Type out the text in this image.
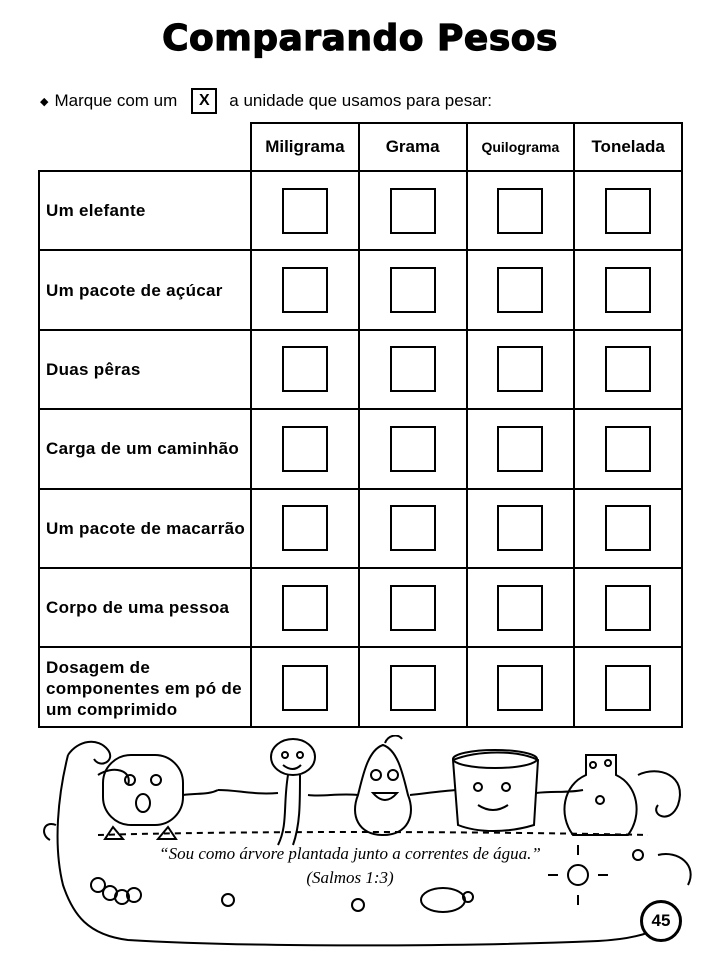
Comparando Pesos
◆ Marque com um	X	a unidade que usamos para pesar:
Miligrama	Grama	Quilograma	Tonelada
Um elefante
Um pacote de açúcar
Duas pêras
Carga de um caminhão
Um pacote de macarrão
Corpo de uma pessoa
Dosagem de componentes em pó de um comprimido
“Sou como árvore plantada junto a correntes de água.”
(Salmos 1:3)
45
